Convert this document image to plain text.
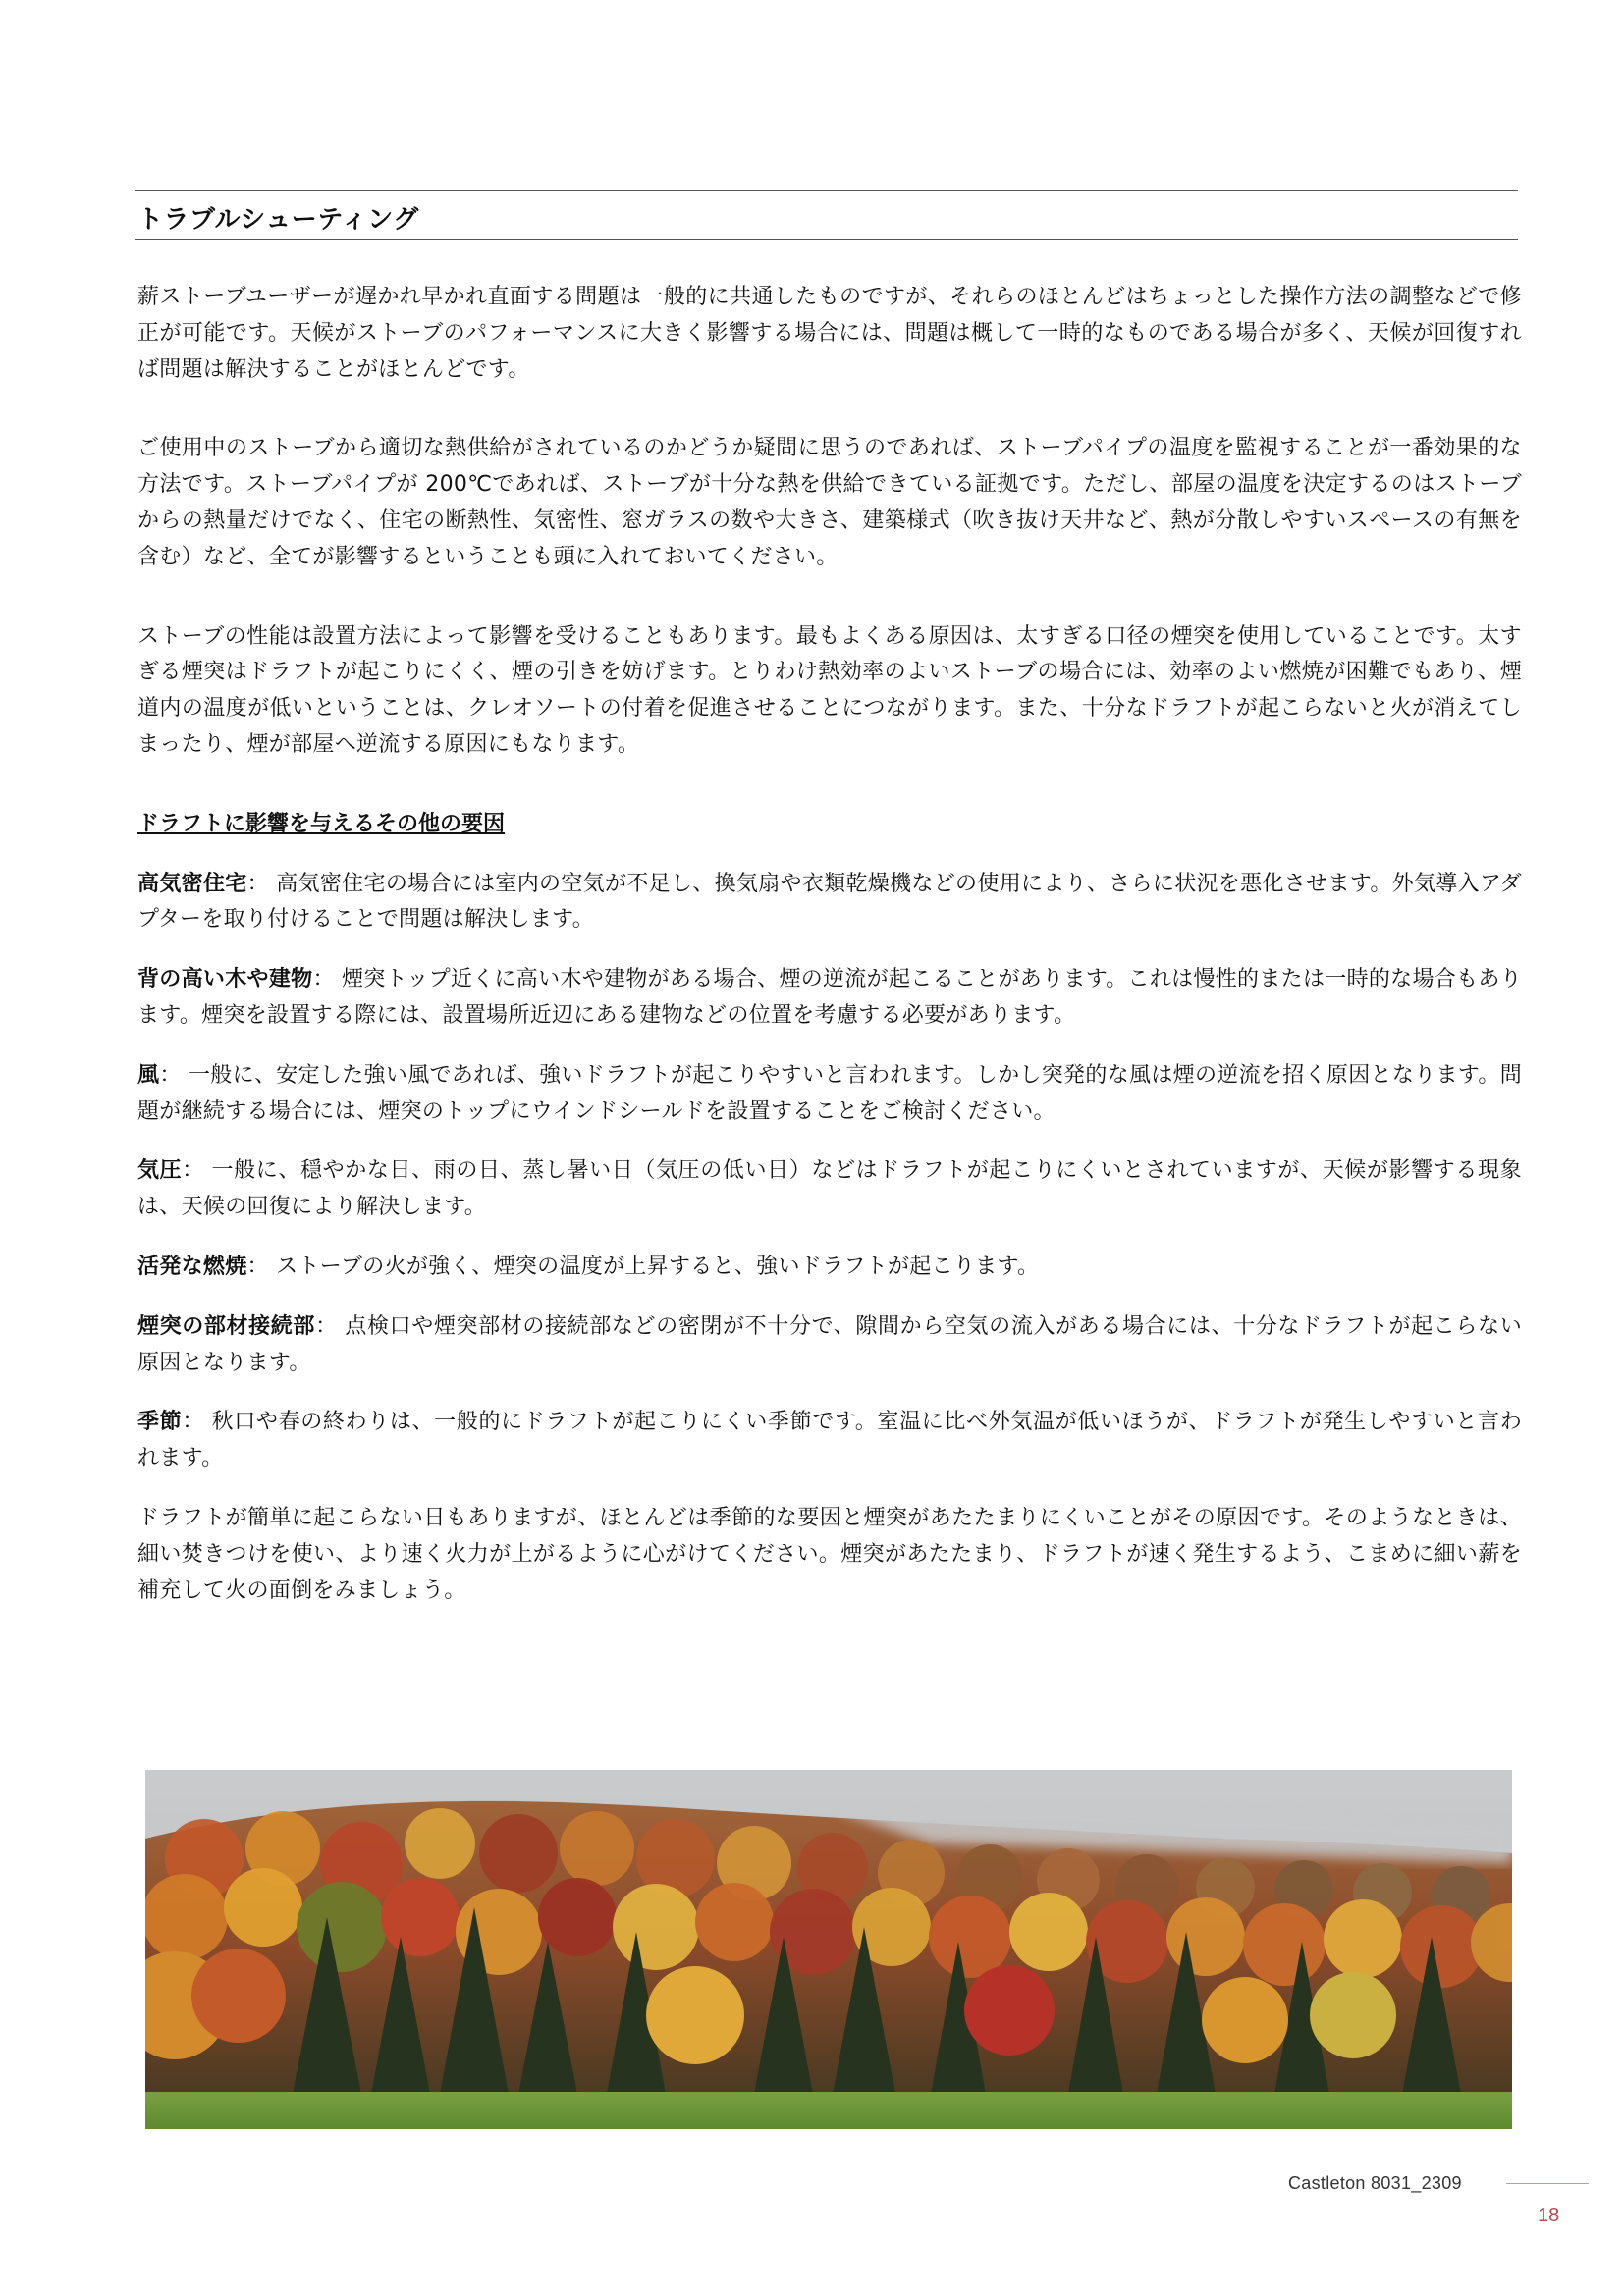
トラブルシューティング

薪ストーブユーザーが遅かれ早かれ直面する問題は一般的に共通したものですが、それらのほとんどはちょっとした操作方法の調整などで修正が可能です。天候がストーブのパフォーマンスに大きく影響する場合には、問題は概して一時的なものである場合が多く、天候が回復すれば問題は解決することがほとんどです。

ご使用中のストーブから適切な熱供給がされているのかどうか疑問に思うのであれば、ストーブパイプの温度を監視することが一番効果的な方法です。ストーブパイプが 200℃であれば、ストーブが十分な熱を供給できている証拠です。ただし、部屋の温度を決定するのはストーブからの熱量だけでなく、住宅の断熱性、気密性、窓ガラスの数や大きさ、建築様式（吹き抜け天井など、熱が分散しやすいスペースの有無を含む）など、全てが影響するということも頭に入れておいてください。

ストーブの性能は設置方法によって影響を受けることもあります。最もよくある原因は、太すぎる口径の煙突を使用していることです。太すぎる煙突はドラフトが起こりにくく、煙の引きを妨げます。とりわけ熱効率のよいストーブの場合には、効率のよい燃焼が困難でもあり、煙道内の温度が低いということは、クレオソートの付着を促進させることにつながります。また、十分なドラフトが起こらないと火が消えてしまったり、煙が部屋へ逆流する原因にもなります。

ドラフトに影響を与えるその他の要因

高気密住宅： 高気密住宅の場合には室内の空気が不足し、換気扇や衣類乾燥機などの使用により、さらに状況を悪化させます。外気導入アダプターを取り付けることで問題は解決します。

背の高い木や建物： 煙突トップ近くに高い木や建物がある場合、煙の逆流が起こることがあります。これは慢性的または一時的な場合もあります。煙突を設置する際には、設置場所近辺にある建物などの位置を考慮する必要があります。

風： 一般に、安定した強い風であれば、強いドラフトが起こりやすいと言われます。しかし突発的な風は煙の逆流を招く原因となります。問題が継続する場合には、煙突のトップにウインドシールドを設置することをご検討ください。

気圧： 一般に、穏やかな日、雨の日、蒸し暑い日（気圧の低い日）などはドラフトが起こりにくいとされていますが、天候が影響する現象は、天候の回復により解決します。

活発な燃焼： ストーブの火が強く、煙突の温度が上昇すると、強いドラフトが起こります。

煙突の部材接続部： 点検口や煙突部材の接続部などの密閉が不十分で、隙間から空気の流入がある場合には、十分なドラフトが起こらない原因となります。

季節： 秋口や春の終わりは、一般的にドラフトが起こりにくい季節です。室温に比べ外気温が低いほうが、ドラフトが発生しやすいと言われます。

ドラフトが簡単に起こらない日もありますが、ほとんどは季節的な要因と煙突があたたまりにくいことがその原因です。そのようなときは、細い焚きつけを使い、より速く火力が上がるように心がけてください。煙突があたたまり、ドラフトが速く発生するよう、こまめに細い薪を補充して火の面倒をみましょう。

Castleton 8031_2309
18
